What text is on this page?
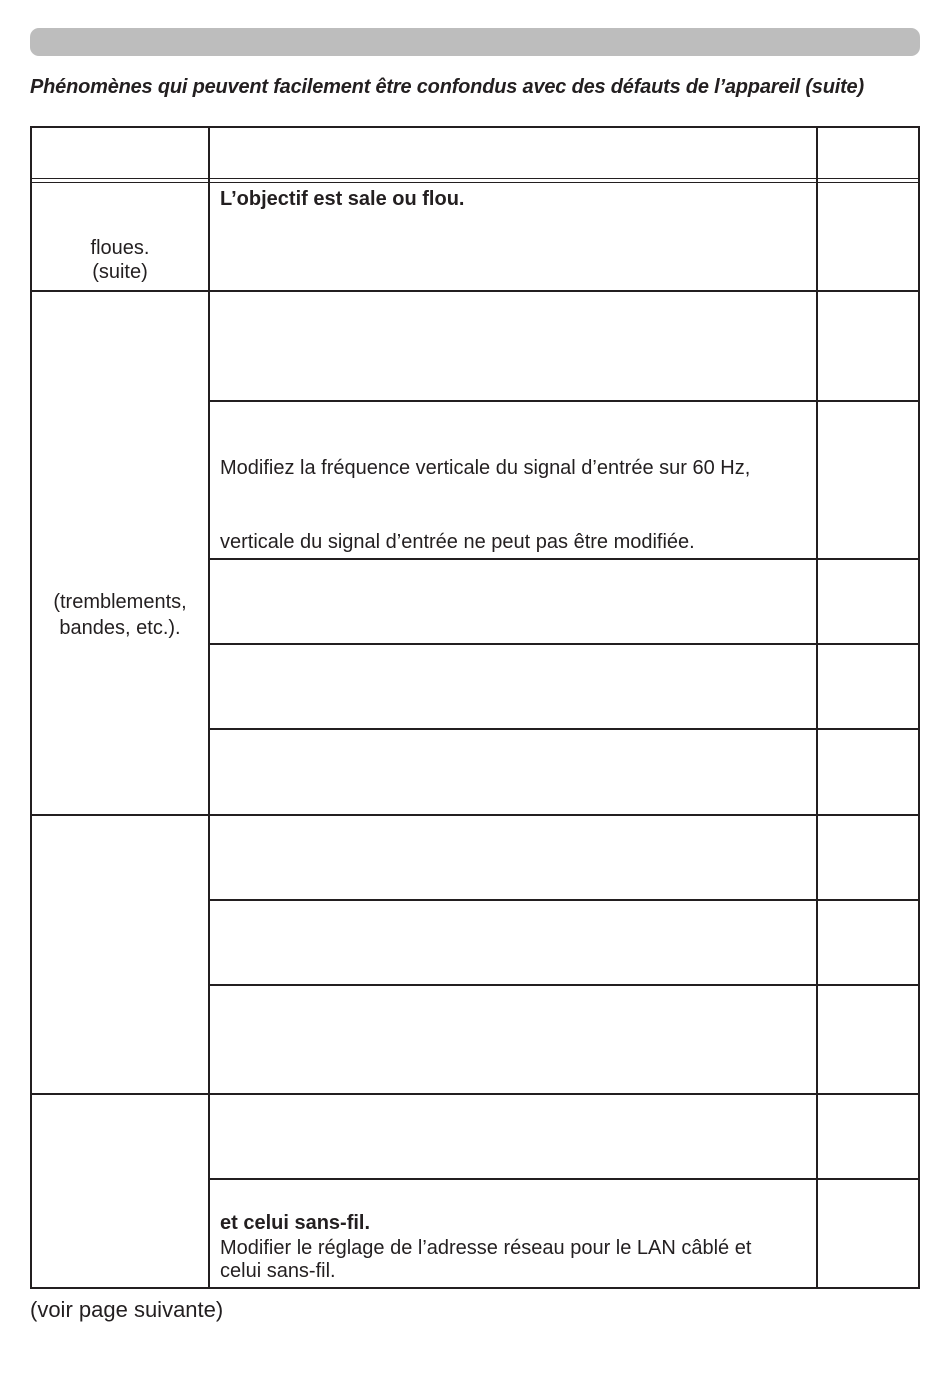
Phénomènes qui peuvent facilement être confondus avec des défauts de l’appareil (suite)
floues.
(suite)
L’objectif est sale ou flou.
(tremblements,
bandes, etc.).
Modifiez la fréquence verticale du signal d’entrée sur 60 Hz,
verticale du signal d’entrée ne peut pas être modifiée.
et celui sans-fil.
Modifier le réglage de l’adresse réseau pour le LAN câblé et
celui sans-fil.
(voir page suivante)
